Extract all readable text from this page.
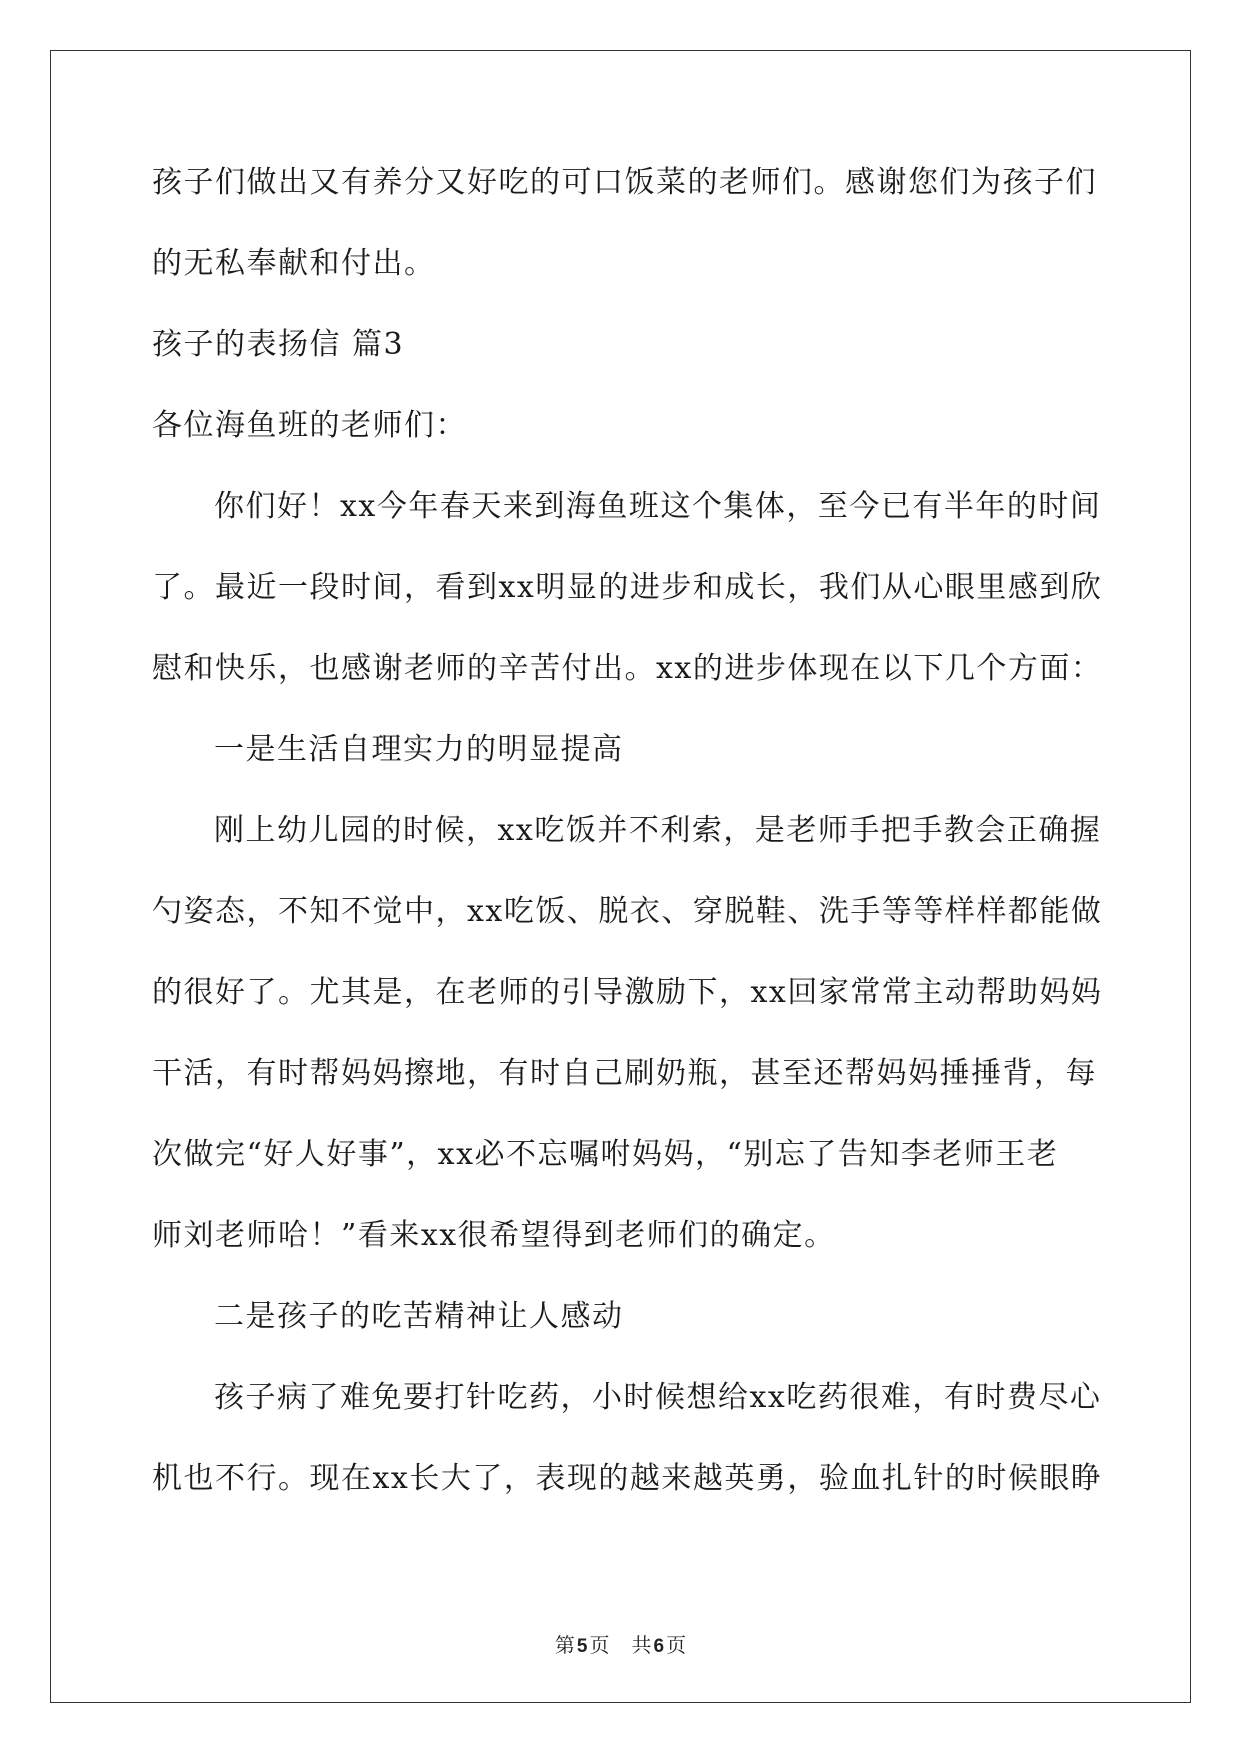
孩子们做出又有养分又好吃的可口饭菜的老师们。感谢您们为孩子们
的无私奉献和付出。
孩子的表扬信 篇3
各位海鱼班的老师们：
你们好！xx今年春天来到海鱼班这个集体，至今已有半年的时间
了。最近一段时间，看到xx明显的进步和成长，我们从心眼里感到欣
慰和快乐，也感谢老师的辛苦付出。xx的进步体现在以下几个方面：
一是生活自理实力的明显提高
刚上幼儿园的时候，xx吃饭并不利索，是老师手把手教会正确握
勺姿态，不知不觉中，xx吃饭、脱衣、穿脱鞋、洗手等等样样都能做
的很好了。尤其是，在老师的引导激励下，xx回家常常主动帮助妈妈
干活，有时帮妈妈擦地，有时自己刷奶瓶，甚至还帮妈妈捶捶背，每
次做完“好人好事”，xx必不忘嘱咐妈妈，“别忘了告知李老师王老
师刘老师哈！”看来xx很希望得到老师们的确定。
二是孩子的吃苦精神让人感动
孩子病了难免要打针吃药，小时候想给xx吃药很难，有时费尽心
机也不行。现在xx长大了，表现的越来越英勇，验血扎针的时候眼睁
第 5 页 共 6 页
